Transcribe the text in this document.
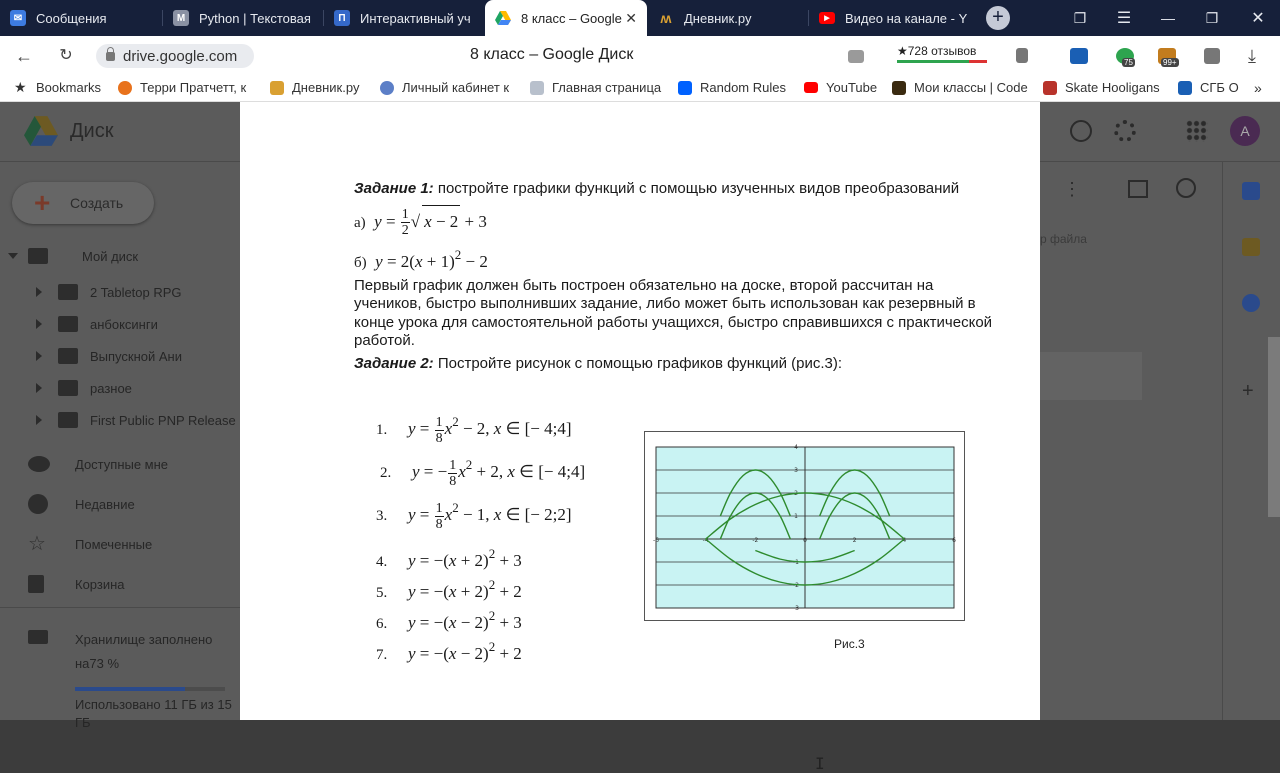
✉ Сообщения	M Python | Текстовая	П	Интерактивный уч	8 класс – Google ✕ ʍ Дневник.ру	▶	Видео на канале - Y	+	❐	☰	—	❐	✕
←	↻	drive.google.com	8 класс – Google Диск	★728 отзывов
75	99+	⤓
★ Bookmarks	Терри Пратчетт, к	Дневник.ру	Личный кабинет к	Главная страница	Random Rules	YouTube	Мои классы | Code	Skate Hooligans	СГБ О »
Диск	A
+ Создать
Мой диск
2 Tabletop RPG
анбоксинги
Выпускной Ани
разное
First Public PNP Release
Доступные мне
Недавние
☆ Помеченные
Корзина
Хранилище заполнено на73 %
Использовано 11 ГБ из 15 ГБ
⋮
р файла
+
Задание 1: постройте графики функций с помощью изученных видов преобразований
а)  $y = \frac{1}{2}$ √ x − 2 + 3
б)  $y = 2(x + 1)^2 - 2$
Первый график должен быть построен обязательно на доске, второй рассчитан на учеников, быстро выполнивших задание, либо может быть использован как резервный в конце урока для самостоятельной работы учащихся, быстро справившихся с практической работой.
Задание 2: Постройте рисунок с помощью графиков функций (рис.3):
1. $y = \frac{1}{8} x^2 - 2$, x ∈ [− 4;4]
2. y = − $\frac{1}{8} x^2 + 2$, x ∈ [− 4;4]
3. $y = \frac{1}{8} x^2 - 1$, x ∈ [− 2;2]
4. $y = -(x + 2)^2 + 3$
5. $y = -(x + 2)^2 + 2$
6. $y = -(x - 2)^2 + 3$
7. $y = -(x - 2)^2 + 2$
-6	-4	-2	0	2	4	6
4
3
2
1
-1
-2
-3
Рис.3
I
